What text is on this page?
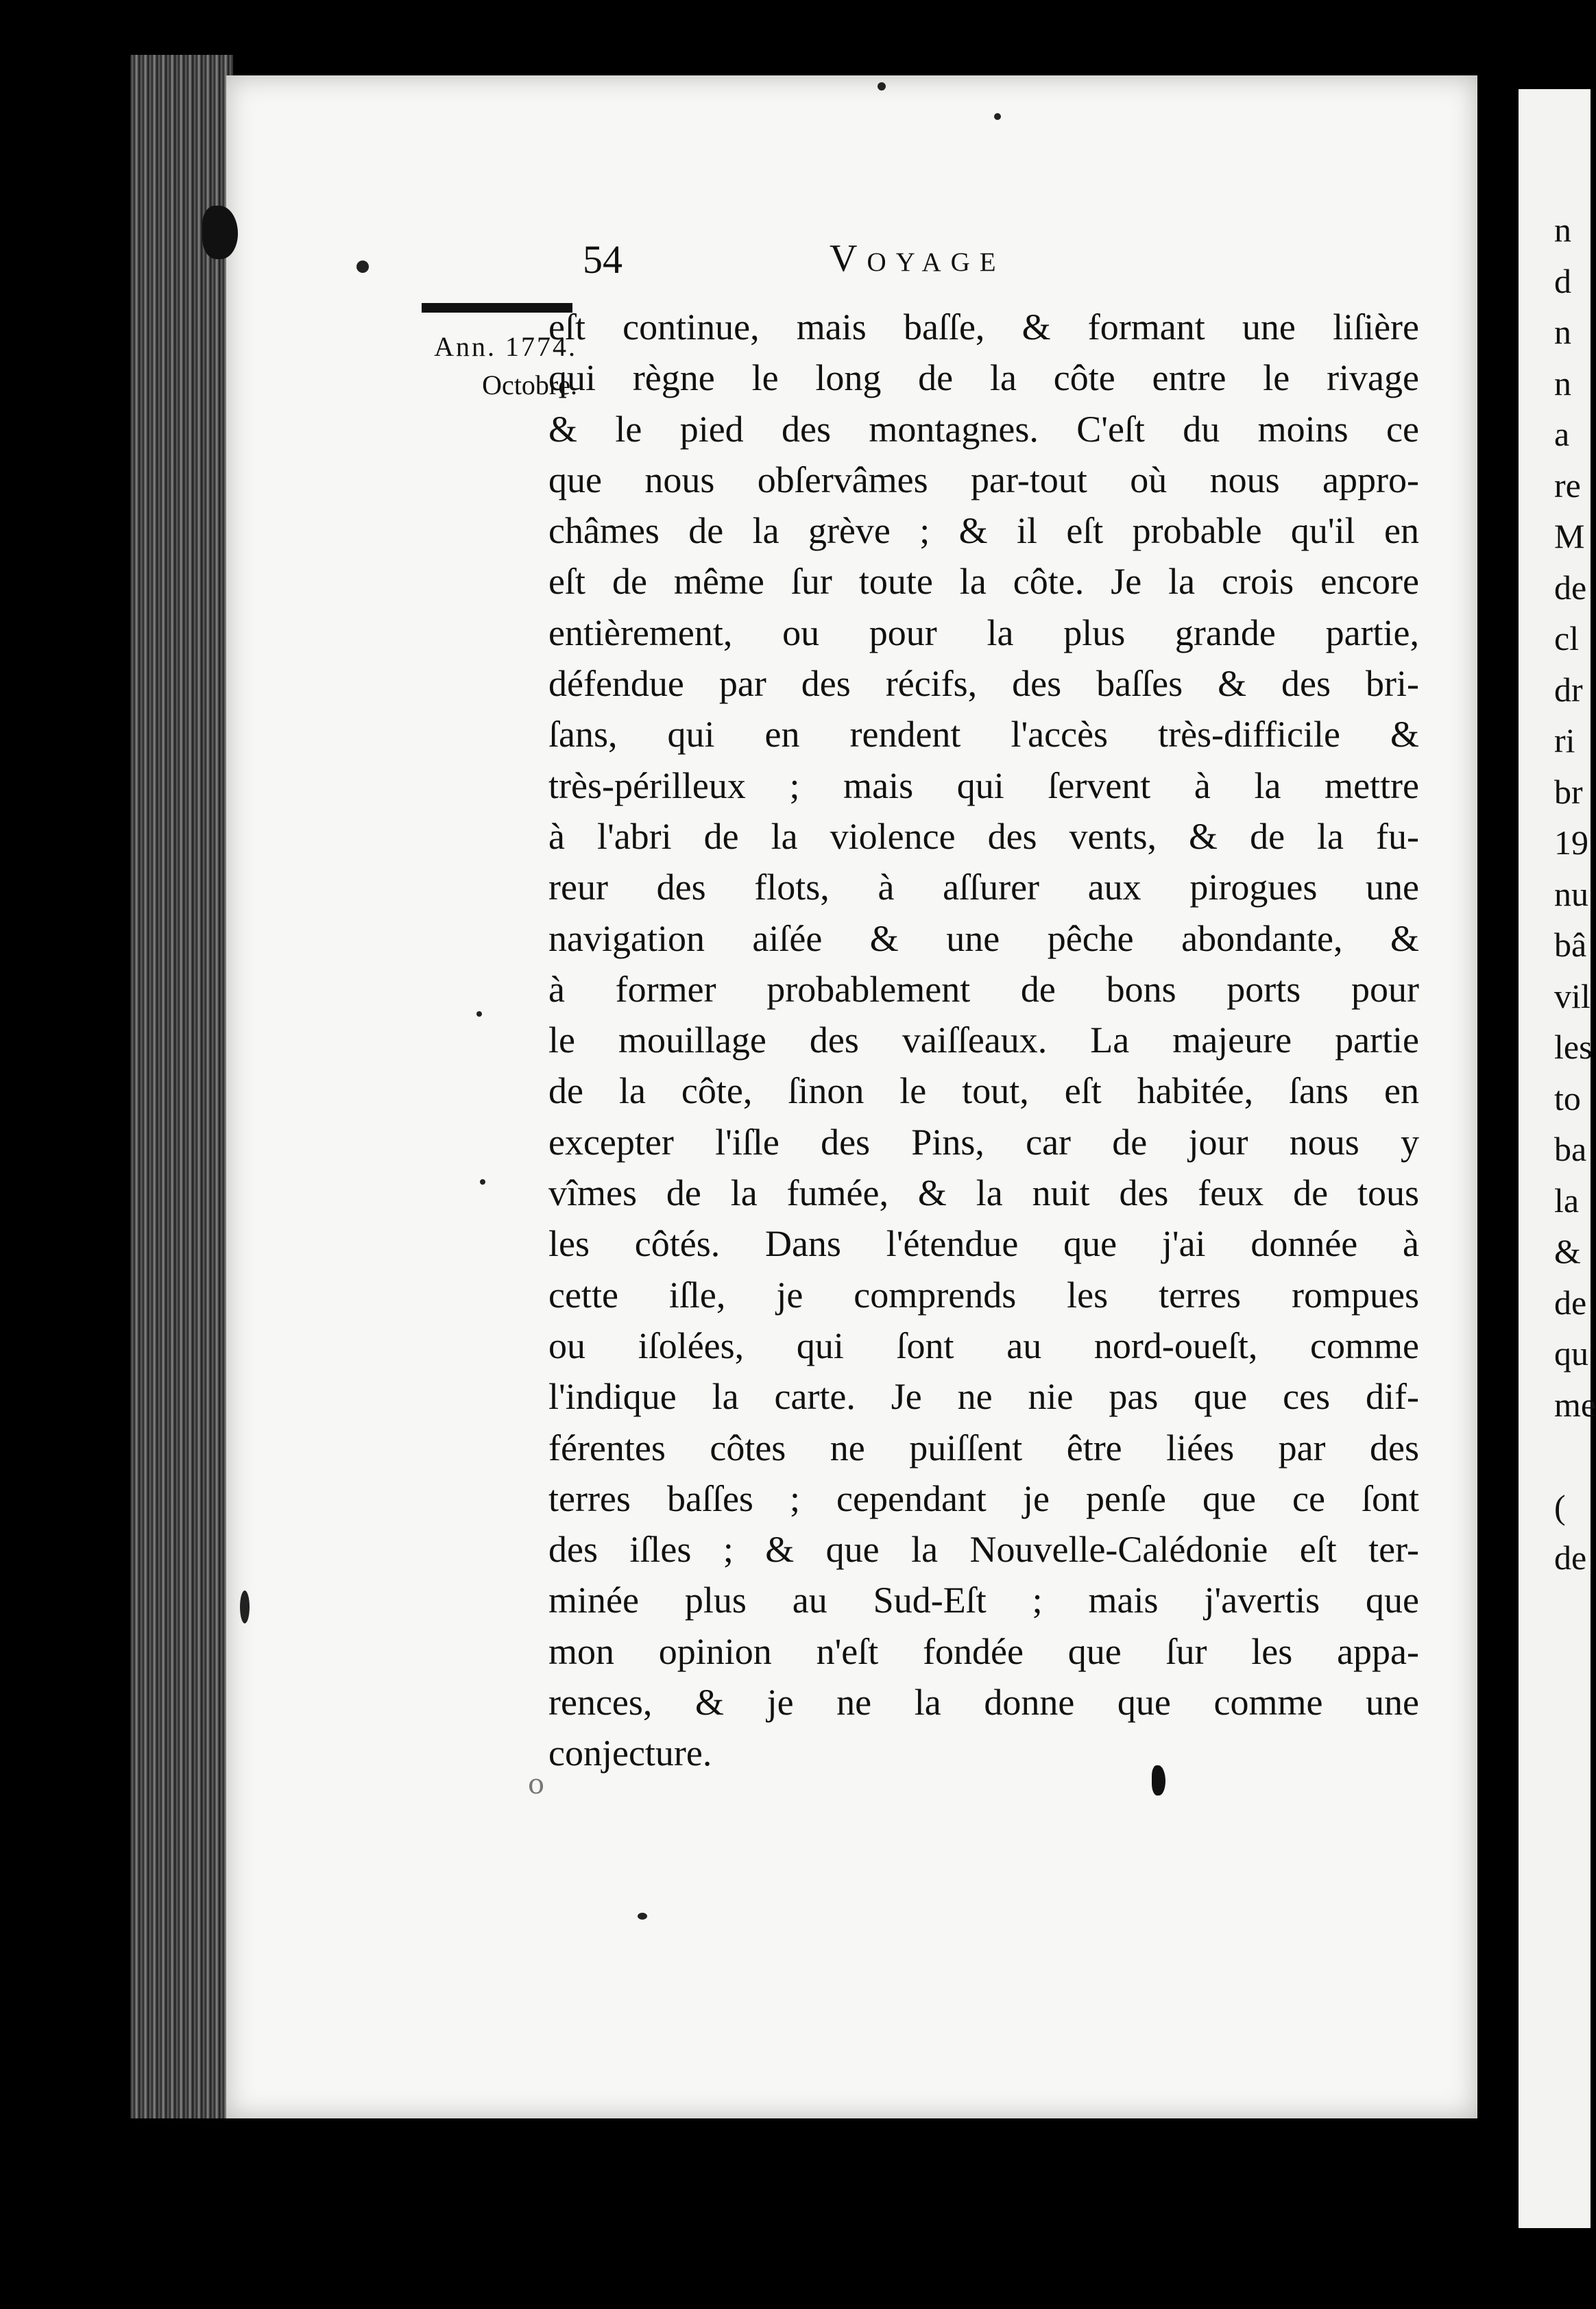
n
d
n
n
a
re
M
de
cl
dr
ri
br
19
nu
bâ
vil
les
to
ba
la
&
de
qu
me
(
de
54	Voyage
Ann. 1774.
Octobre.
eſt continue, mais baſſe, & formant une liſière
qui règne le long de la côte entre le rivage
& le pied des montagnes. C'eſt du moins ce
que nous obſervâmes par-tout où nous appro-
châmes de la grève ; & il eſt probable qu'il en
eſt de même ſur toute la côte. Je la crois encore
entièrement, ou pour la plus grande partie,
défendue par des récifs, des baſſes & des bri-
ſans, qui en rendent l'accès très-difficile &
très-périlleux ; mais qui ſervent à la mettre
à l'abri de la violence des vents, & de la fu-
reur des flots, à aſſurer aux pirogues une
navigation aiſée & une pêche abondante, &
à former probablement de bons ports pour
le mouillage des vaiſſeaux. La majeure partie
de la côte, ſinon le tout, eſt habitée, ſans en
excepter l'iſle des Pins, car de jour nous y
vîmes de la fumée, & la nuit des feux de tous
les côtés. Dans l'étendue que j'ai donnée à
cette iſle, je comprends les terres rompues
ou iſolées, qui ſont au nord-oueſt, comme
l'indique la carte. Je ne nie pas que ces dif-
férentes côtes ne puiſſent être liées par des
terres baſſes ; cependant je penſe que ce ſont
des iſles ; & que la Nouvelle-Calédonie eſt ter-
minée plus au Sud-Eſt ; mais j'avertis que
mon opinion n'eſt fondée que ſur les appa-
rences, & je ne la donne que comme une
conjecture.
o
